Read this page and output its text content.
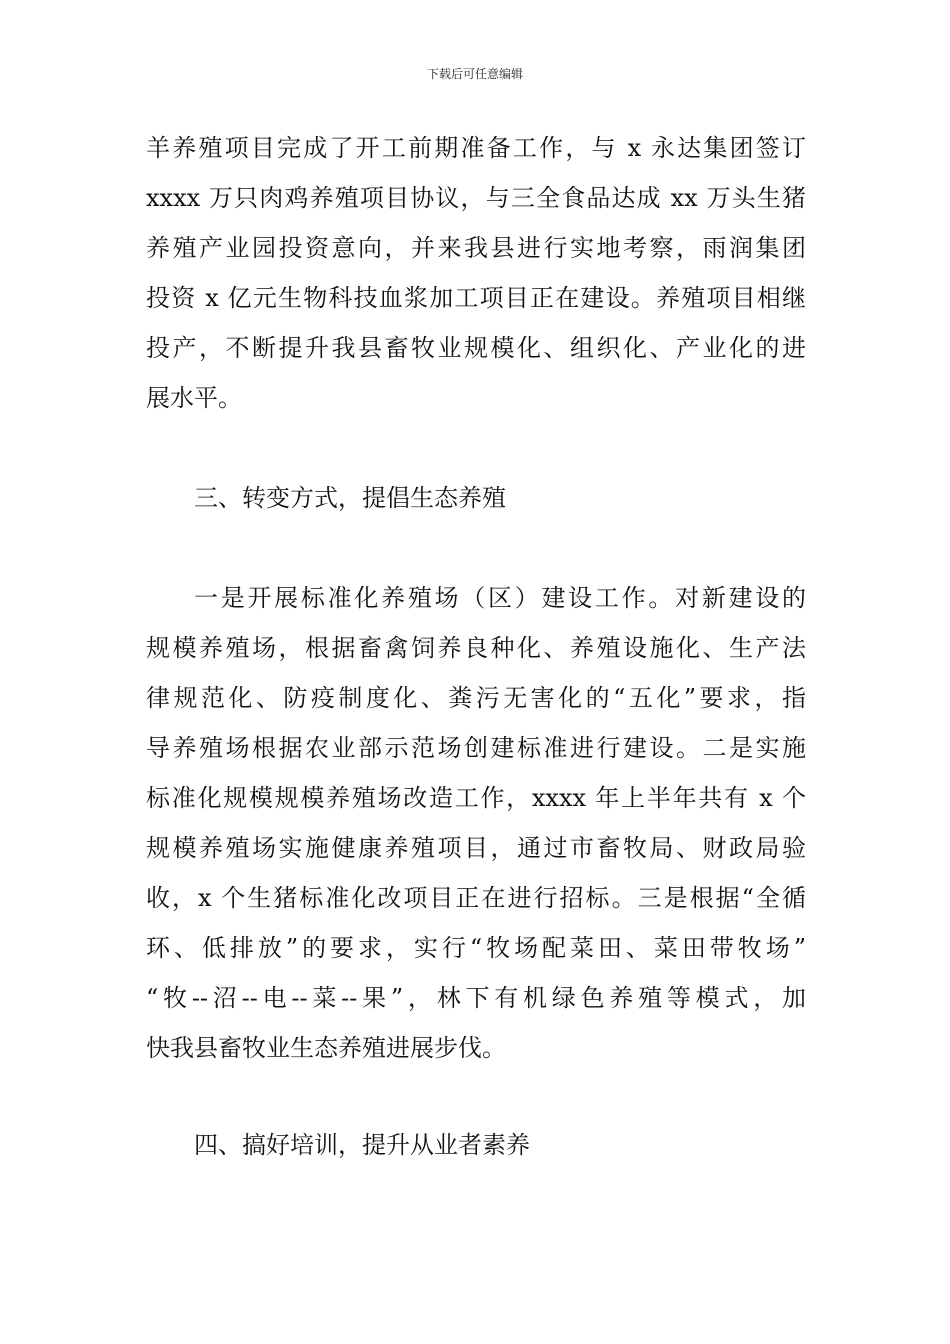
下载后可任意编辑
羊养殖项目完成了开工前期准备工作，与 x 永达集团签订
xxxx 万只肉鸡养殖项目协议，与三全食品达成 xx 万头生猪
养殖产业园投资意向，并来我县进行实地考察，雨润集团
投资 x 亿元生物科技血浆加工项目正在建设。养殖项目相继
投产，不断提升我县畜牧业规模化、组织化、产业化的进
展水平。
三、转变方式，提倡生态养殖
一是开展标准化养殖场（区）建设工作。对新建设的
规模养殖场，根据畜禽饲养良种化、养殖设施化、生产法
律规范化、防疫制度化、粪污无害化的“五化”要求，指
导养殖场根据农业部示范场创建标准进行建设。二是实施
标准化规模规模养殖场改造工作，xxxx 年上半年共有 x 个
规模养殖场实施健康养殖项目，通过市畜牧局、财政局验
收，x 个生猪标准化改项目正在进行招标。三是根据“全循
环、低排放”的要求，实行“牧场配菜田、菜田带牧场”
“牧--沼--电--菜--果”，林下有机绿色养殖等模式，加
快我县畜牧业生态养殖进展步伐。
四、搞好培训，提升从业者素养
